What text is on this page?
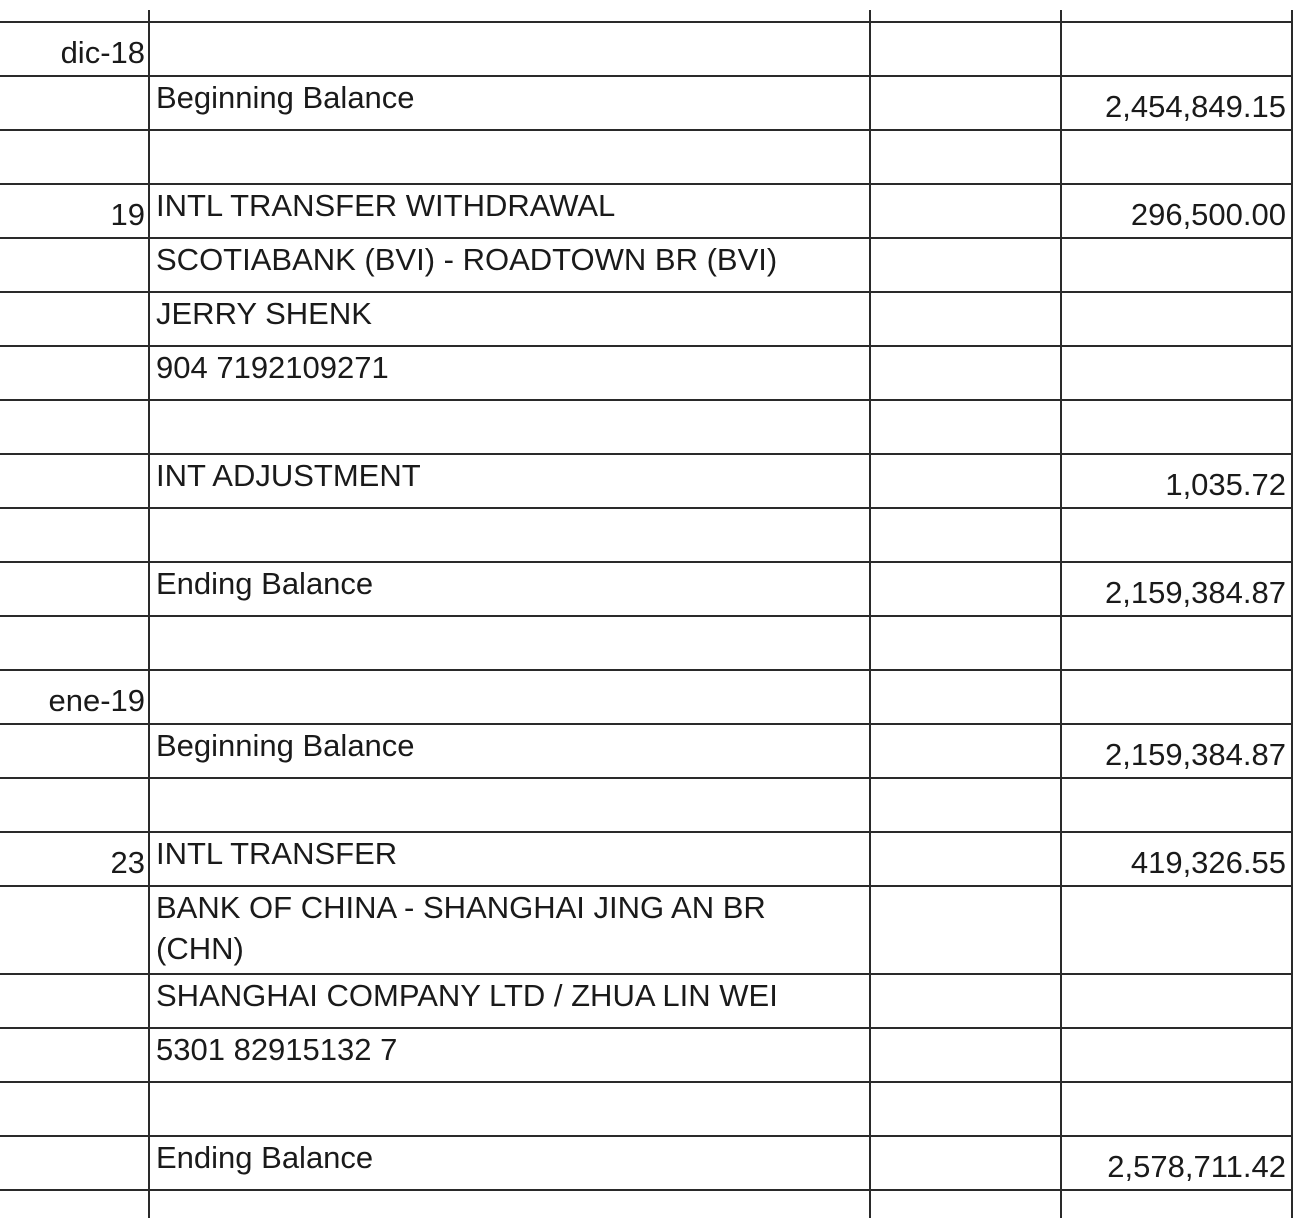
dic-18
Beginning Balance	2,454,849.15
19 INTL TRANSFER WITHDRAWAL	296,500.00
SCOTIABANK (BVI) - ROADTOWN BR (BVI)
JERRY SHENK
904 7192109271
INT ADJUSTMENT	1,035.72
Ending Balance	2,159,384.87
ene-19
Beginning Balance	2,159,384.87
23 INTL TRANSFER	419,326.55
BANK OF CHINA - SHANGHAI JING AN BR (CHN)
SHANGHAI COMPANY LTD / ZHUA LIN WEI
5301 82915132 7
Ending Balance	2,578,711.42
